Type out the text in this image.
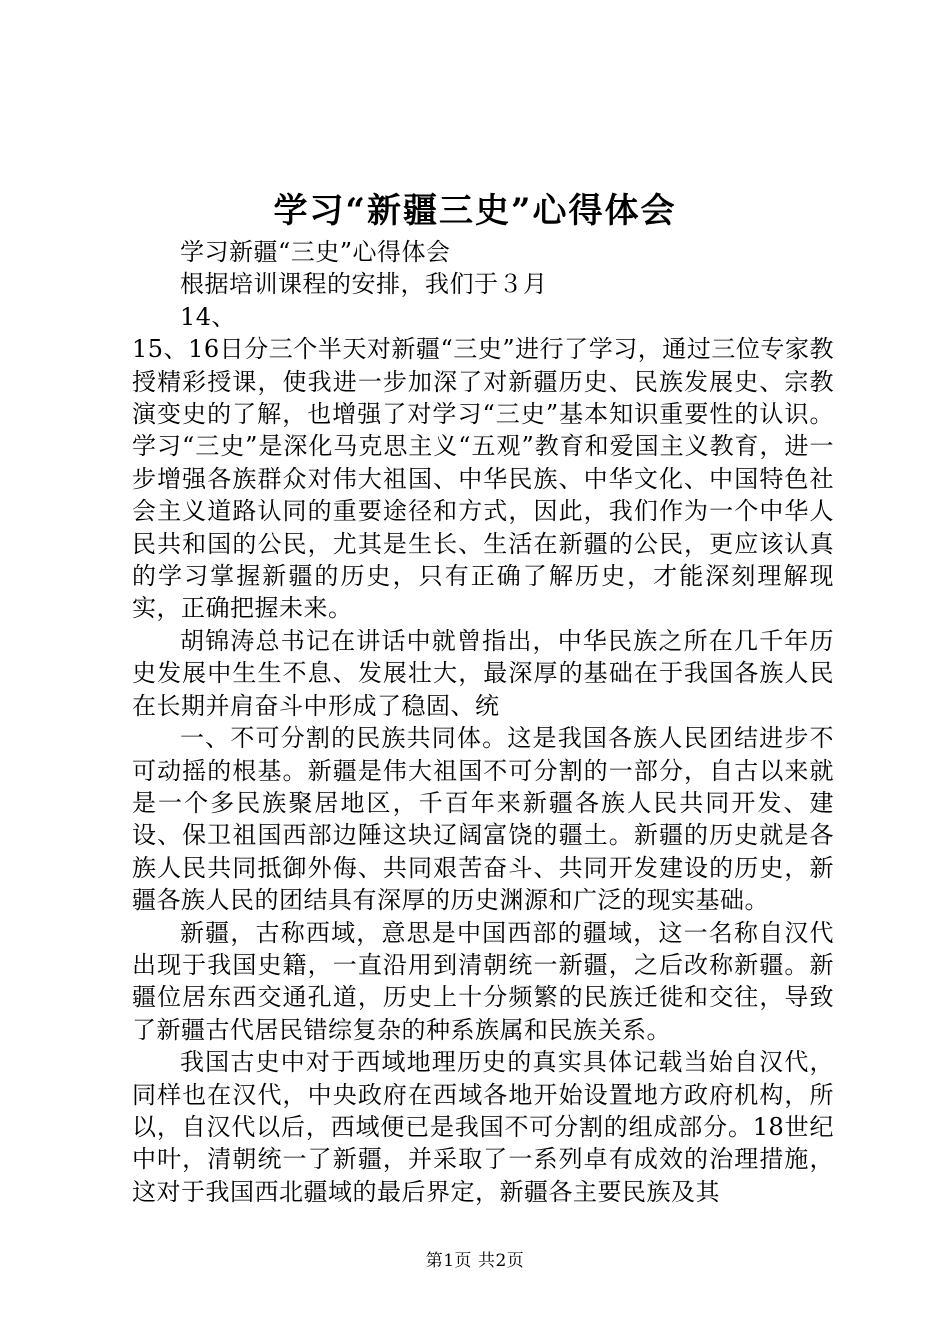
学习“新疆三史”心得体会

学习新疆“三史”心得体会

根据培训课程的安排，我们于３月

14、

15、16日分三个半天对新疆“三史”进行了学习，通过三位专家教授精彩授课，使我进一步加深了对新疆历史、民族发展史、宗教演变史的了解，也增强了对学习“三史”基本知识重要性的认识。学习“三史”是深化马克思主义“五观”教育和爱国主义教育，进一步增强各族群众对伟大祖国、中华民族、中华文化、中国特色社会主义道路认同的重要途径和方式，因此，我们作为一个中华人民共和国的公民，尤其是生长、生活在新疆的公民，更应该认真的学习掌握新疆的历史，只有正确了解历史，才能深刻理解现实，正确把握未来。

胡锦涛总书记在讲话中就曾指出，中华民族之所在几千年历史发展中生生不息、发展壮大，最深厚的基础在于我国各族人民在长期并肩奋斗中形成了稳固、统

一、不可分割的民族共同体。这是我国各族人民团结进步不可动摇的根基。新疆是伟大祖国不可分割的一部分，自古以来就是一个多民族聚居地区，千百年来新疆各族人民共同开发、建设、保卫祖国西部边陲这块辽阔富饶的疆土。新疆的历史就是各族人民共同抵御外侮、共同艰苦奋斗、共同开发建设的历史，新疆各族人民的团结具有深厚的历史渊源和广泛的现实基础。

新疆，古称西域，意思是中国西部的疆域，这一名称自汉代出现于我国史籍，一直沿用到清朝统一新疆，之后改称新疆。新疆位居东西交通孔道，历史上十分频繁的民族迁徙和交往，导致了新疆古代居民错综复杂的种系族属和民族关系。

我国古史中对于西域地理历史的真实具体记载当始自汉代，同样也在汉代，中央政府在西域各地开始设置地方政府机构，所以，自汉代以后，西域便已是我国不可分割的组成部分。18世纪中叶，清朝统一了新疆，并采取了一系列卓有成效的治理措施，这对于我国西北疆域的最后界定，新疆各主要民族及其

第1页 共2页
